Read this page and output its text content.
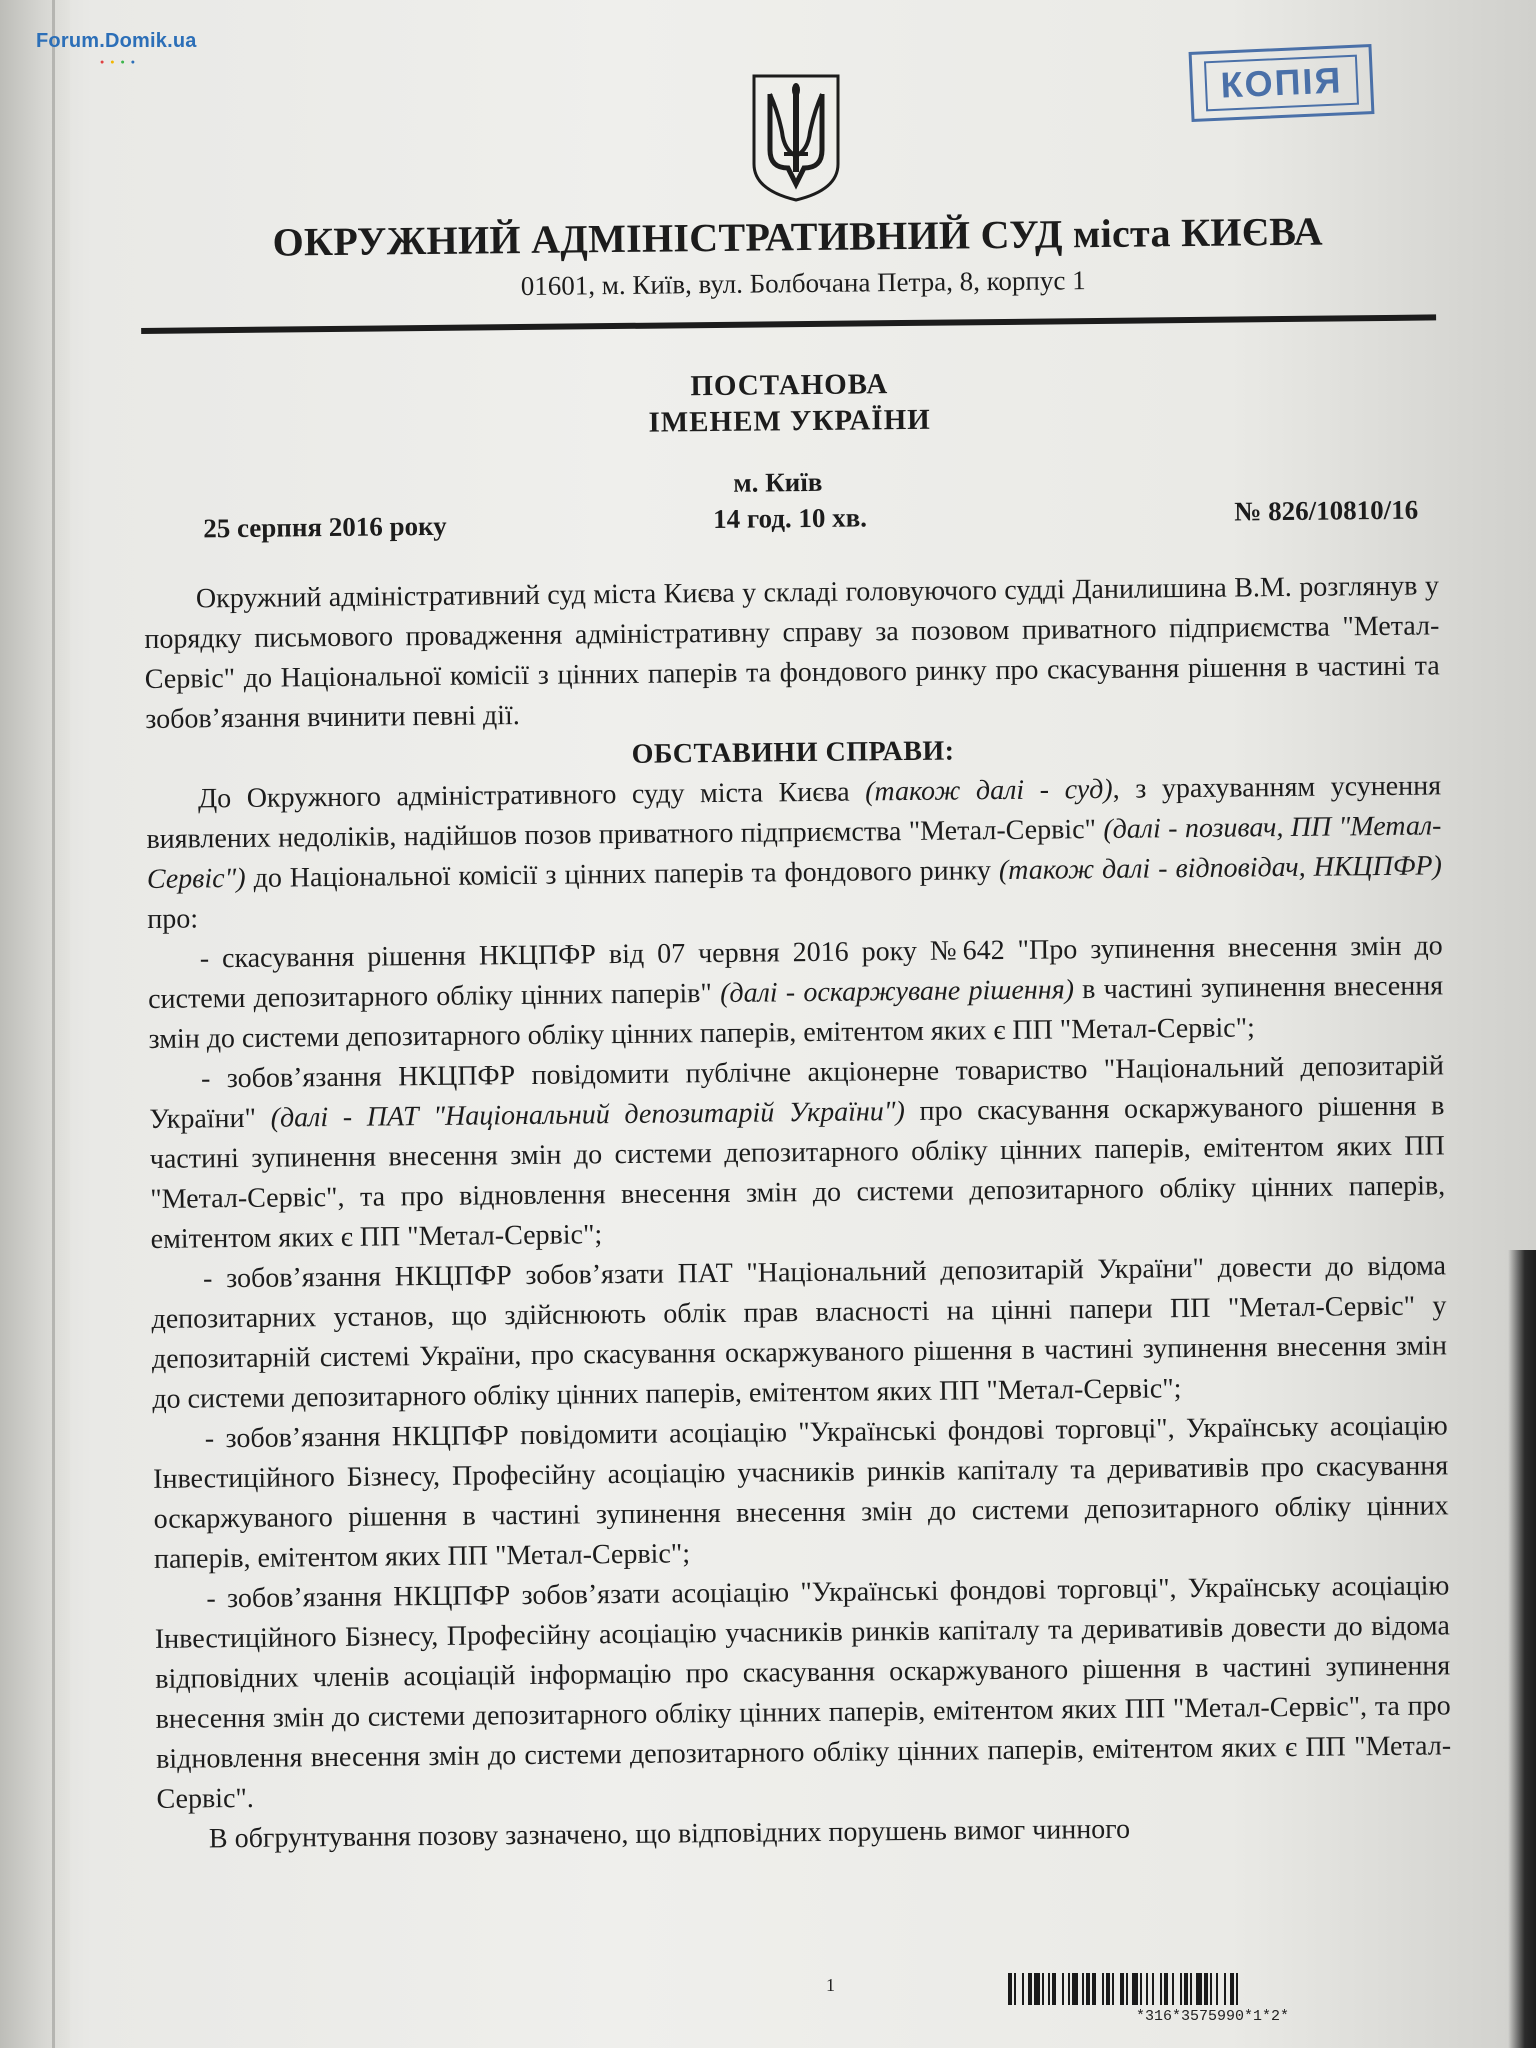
Forum.Domik.ua
●●●●	КОПІЯ
ОКРУЖНИЙ АДМІНІСТРАТИВНИЙ СУД міста КИЄВА
01601, м. Київ, вул. Болбочана Петра, 8, корпус 1
ПОСТАНОВА
ІМЕНЕМ УКРАЇНИ
м. Київ
25 серпня 2016 року	14 год. 10 хв.	№ 826/10810/16

Окружний адміністративний суд міста Києва у складі головуючого судді Данилишина В.М. розглянув у порядку письмового провадження адміністративну справу за позовом приватного підприємства "Метал-Сервіс" до Національної комісії з цінних паперів та фондового ринку про скасування рішення в частині та зобов’язання вчинити певні дії.

ОБСТАВИНИ СПРАВИ:

До Окружного адміністративного суду міста Києва (також далі - суд), з урахуванням усунення виявлених недоліків, надійшов позов приватного підприємства "Метал-Сервіс" (далі - позивач, ПП "Метал-Сервіс") до Національної комісії з цінних паперів та фондового ринку (також далі - відповідач, НКЦПФР) про:

- скасування рішення НКЦПФР від 07 червня 2016 року №642 "Про зупинення внесення змін до системи депозитарного обліку цінних паперів" (далі - оскаржуване рішення) в частині зупинення внесення змін до системи депозитарного обліку цінних паперів, емітентом яких є ПП "Метал-Сервіс";

- зобов’язання НКЦПФР повідомити публічне акціонерне товариство "Національний депозитарій України" (далі - ПАТ "Національний депозитарій України") про скасування оскаржуваного рішення в частині зупинення внесення змін до системи депозитарного обліку цінних паперів, емітентом яких ПП "Метал-Сервіс", та про відновлення внесення змін до системи депозитарного обліку цінних паперів, емітентом яких є ПП "Метал-Сервіс";

- зобов’язання НКЦПФР зобов’язати ПАТ "Національний депозитарій України" довести до відома депозитарних установ, що здійснюють облік прав власності на цінні папери ПП "Метал-Сервіс" у депозитарній системі України, про скасування оскаржуваного рішення в частині зупинення внесення змін до системи депозитарного обліку цінних паперів, емітентом яких ПП "Метал-Сервіс";

- зобов’язання НКЦПФР повідомити асоціацію "Українські фондові торговці", Українську асоціацію Інвестиційного Бізнесу, Професійну асоціацію учасників ринків капіталу та деривативів про скасування оскаржуваного рішення в частині зупинення внесення змін до системи депозитарного обліку цінних паперів, емітентом яких ПП "Метал-Сервіс";

- зобов’язання НКЦПФР зобов’язати асоціацію "Українські фондові торговці", Українську асоціацію Інвестиційного Бізнесу, Професійну асоціацію учасників ринків капіталу та деривативів довести до відома відповідних членів асоціацій інформацію про скасування оскаржуваного рішення в частині зупинення внесення змін до системи депозитарного обліку цінних паперів, емітентом яких ПП "Метал-Сервіс", та про відновлення внесення змін до системи депозитарного обліку цінних паперів, емітентом яких є ПП "Метал-Сервіс".

В обгрунтування позову зазначено, що відповідних порушень вимог чинного

1
*316*3575990*1*2*
